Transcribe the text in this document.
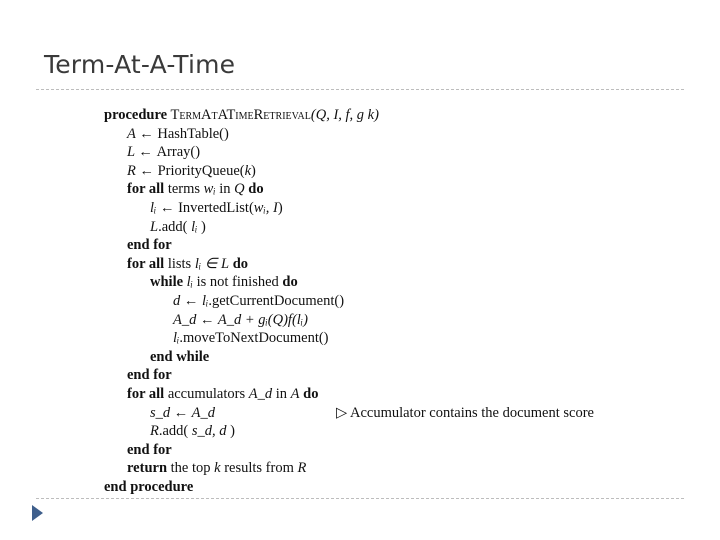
Term-At-A-Time
procedure TermAtATimeRetrieval(Q, I, f, g k)
A ← HashTable()
L ← Array()
R ← PriorityQueue(k)
for all terms wᵢ in Q do
lᵢ ← InvertedList(wᵢ, I)
L.add( lᵢ )
end for
for all lists lᵢ ∈ L do
while lᵢ is not finished do
d ← lᵢ.getCurrentDocument()
A_d ← A_d + gᵢ(Q)f(lᵢ)
lᵢ.moveToNextDocument()
end while
end for
for all accumulators A_d in A do
s_d ← A_d	▷ Accumulator contains the document score
R.add( s_d, d )
end for
return the top k results from R
end procedure
